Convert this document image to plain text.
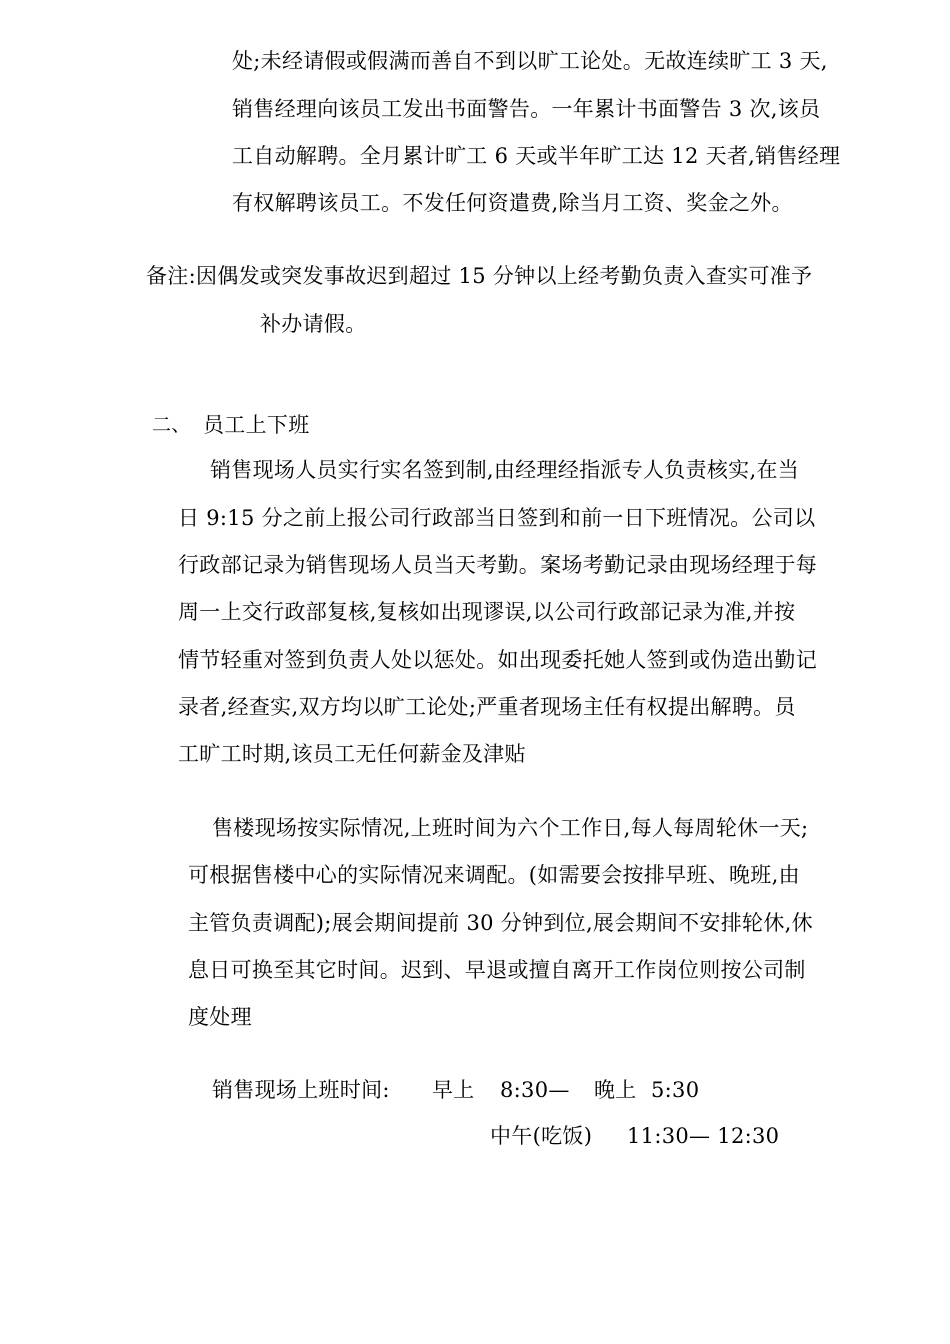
处;未经请假或假满而善自不到以旷工论处。无故连续旷工 3 天,
销售经理向该员工发出书面警告。一年累计书面警告 3 次,该员
工自动解聘。全月累计旷工 6 天或半年旷工达 12 天者,销售经理
有权解聘该员工。不发任何资遣费,除当月工资、奖金之外。
备注:因偶发或突发事故迟到超过 15 分钟以上经考勤负责入查实可准予
补办请假。
二、 员工上下班
销售现场人员实行实名签到制,由经理经指派专人负责核实,在当
日 9:15 分之前上报公司行政部当日签到和前一日下班情况。公司以
行政部记录为销售现场人员当天考勤。案场考勤记录由现场经理于每
周一上交行政部复核,复核如出现谬误,以公司行政部记录为准,并按
情节轻重对签到负责人处以惩处。如出现委托她人签到或伪造出勤记
录者,经查实,双方均以旷工论处;严重者现场主任有权提出解聘。员
工旷工时期,该员工无任何薪金及津贴
售楼现场按实际情况,上班时间为六个工作日,每人每周轮休一天;
可根据售楼中心的实际情况来调配。(如需要会按排早班、晚班,由
主管负责调配);展会期间提前 30 分钟到位,展会期间不安排轮休,休
息日可换至其它时间。迟到、早退或擅自离开工作岗位则按公司制
度处理
销售现场上班时间: 早上 8:30— 晚上 5:30
中午(吃饭) 11:30— 12:30
